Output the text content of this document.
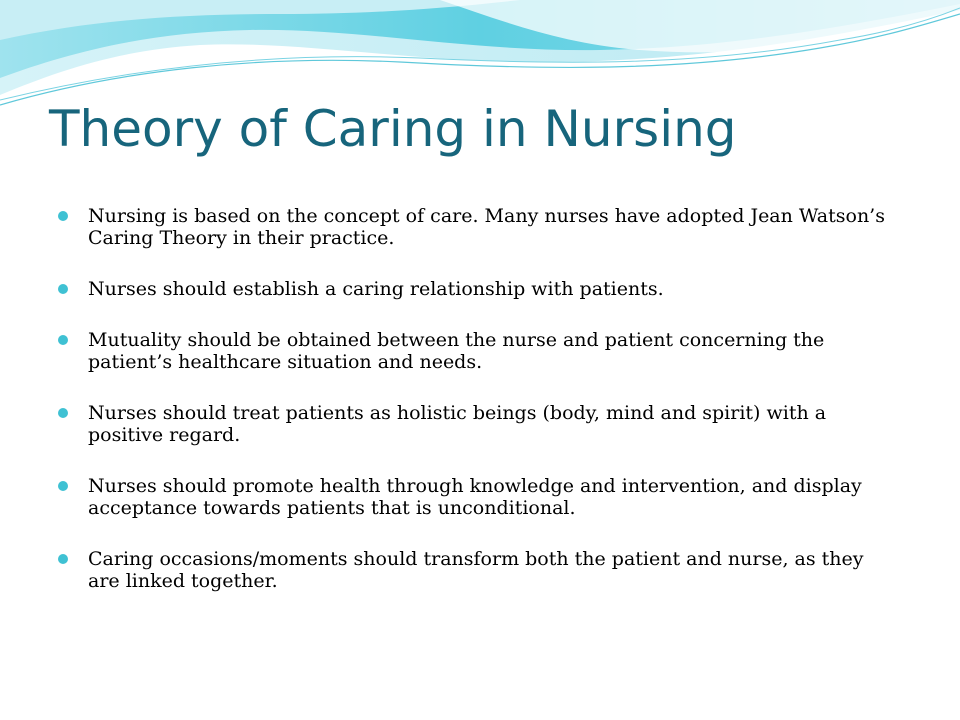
Theory of Caring in Nursing
Nursing is based on the concept of care. Many nurses have adopted Jean Watson’s Caring Theory in their practice.
Nurses should establish a caring relationship with patients.
Mutuality should be obtained between the nurse and patient concerning the patient’s healthcare situation and needs.
Nurses should treat patients as holistic beings (body, mind and spirit) with a positive regard.
Nurses should promote health through knowledge and intervention, and display acceptance towards patients that is unconditional.
Caring occasions/moments should transform both the patient and nurse, as they are linked together.
